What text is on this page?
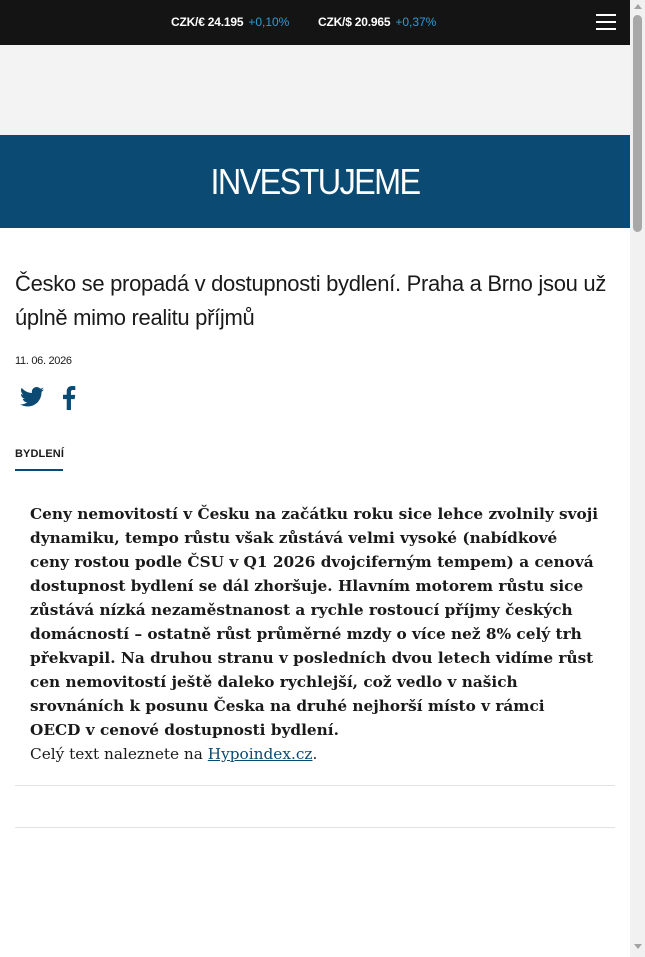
CZK/€ 24.195 +0,10% CZK/$ 20.965 +0,37%
INVESTUJEME
Česko se propadá v dostupnosti bydlení. Praha a Brno jsou už úplně mimo realitu příjmů
11. 06. 2026
BYDLENÍ

Ceny nemovitostí v Česku na začátku roku sice lehce zvolnily svoji dynamiku, tempo růstu však zůstává velmi vysoké (nabídkové ceny rostou podle ČSU v Q1 2026 dvojciferným tempem) a cenová dostupnost bydlení se dál zhoršuje. Hlavním motorem růstu sice zůstává nízká nezaměstnanost a rychle rostoucí příjmy českých domácností – ostatně růst průměrné mzdy o více než 8% celý trh překvapil. Na druhou stranu v posledních dvou letech vidíme růst cen nemovitostí ještě daleko rychlejší, což vedlo v našich srovnáních k posunu Česka na druhé nejhorší místo v rámci OECD v cenové dostupnosti bydlení.

Celý text naleznete na Hypoindex.cz.
